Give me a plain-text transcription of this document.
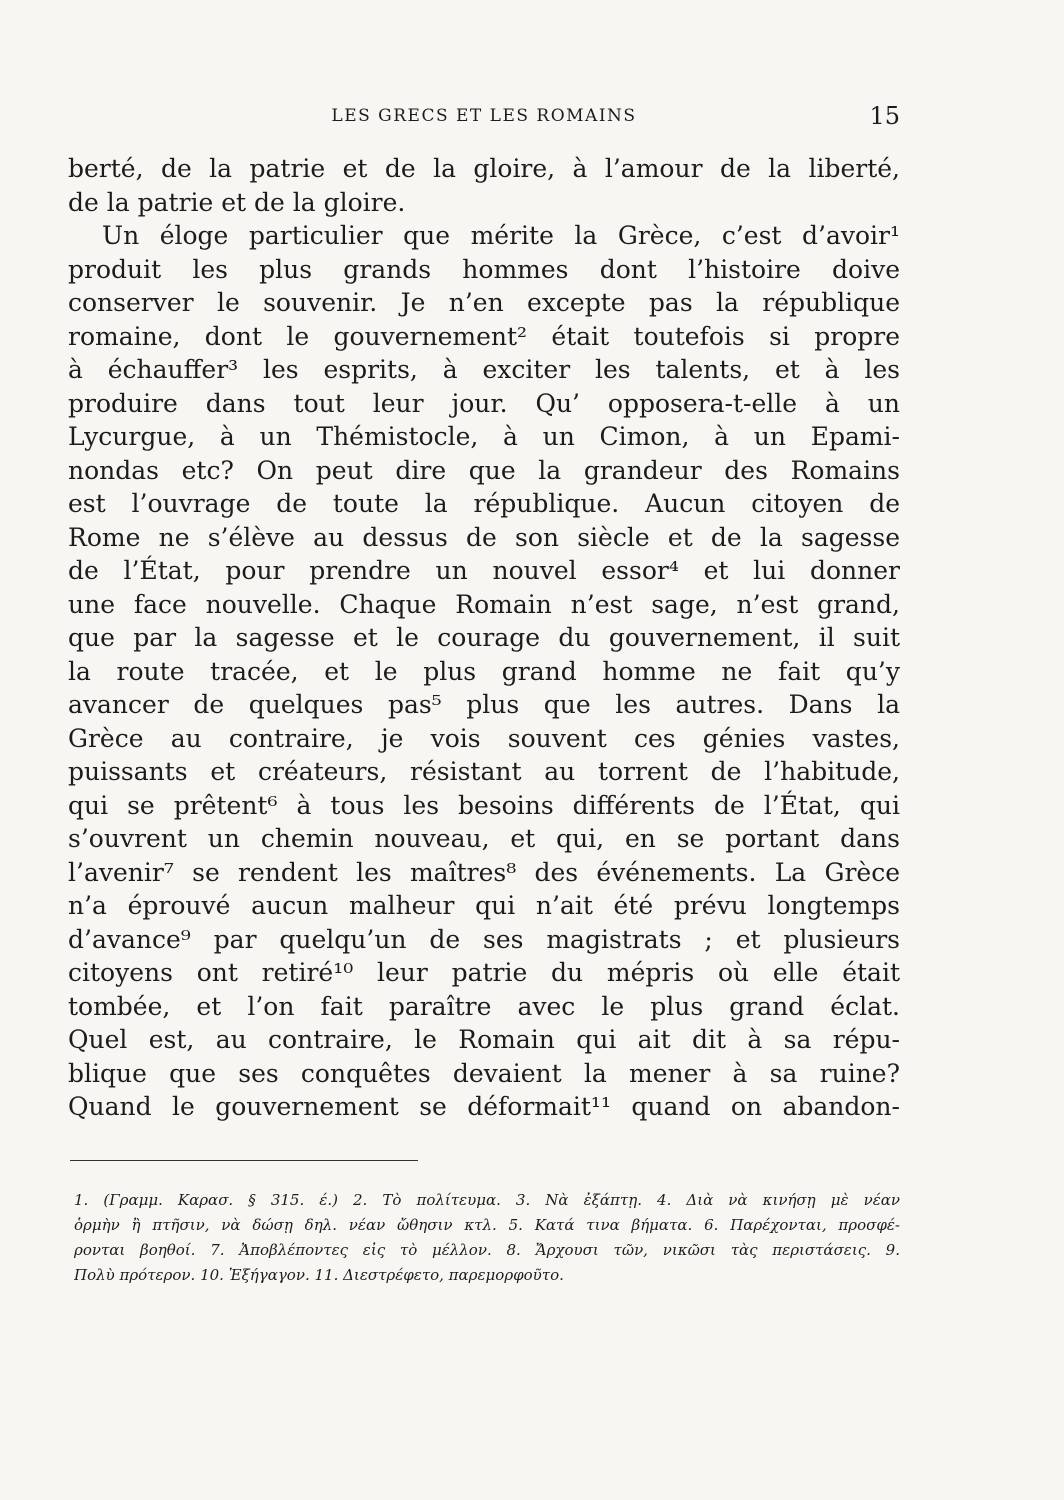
LES GRECS ET LES ROMAINS	15
berté, de la patrie et de la gloire, à l’amour de la liberté,
de la patrie et de la gloire.
Un éloge particulier que mérite la Grèce, c’est d’avoir¹
produit les plus grands hommes dont l’histoire doive
conserver le souvenir. Je n’en excepte pas la république
romaine, dont le gouvernement² était toutefois si propre
à échauffer³ les esprits, à exciter les talents, et à les
produire dans tout leur jour. Qu’ opposera-t-elle à un
Lycurgue, à un Thémistocle, à un Cimon, à un Epami-
nondas etc? On peut dire que la grandeur des Romains
est l’ouvrage de toute la république. Aucun citoyen de
Rome ne s’élève au dessus de son siècle et de la sagesse
de l’État, pour prendre un nouvel essor⁴ et lui donner
une face nouvelle. Chaque Romain n’est sage, n’est grand,
que par la sagesse et le courage du gouvernement, il suit
la route tracée, et le plus grand homme ne fait qu’y
avancer de quelques pas⁵ plus que les autres. Dans la
Grèce au contraire, je vois souvent ces génies vastes,
puissants et créateurs, résistant au torrent de l’habitude,
qui se prêtent⁶ à tous les besoins différents de l’État, qui
s’ouvrent un chemin nouveau, et qui, en se portant dans
l’avenir⁷ se rendent les maîtres⁸ des événements. La Grèce
n’a éprouvé aucun malheur qui n’ait été prévu longtemps
d’avance⁹ par quelqu’un de ses magistrats ; et plusieurs
citoyens ont retiré¹⁰ leur patrie du mépris où elle était
tombée, et l’on fait paraître avec le plus grand éclat.
Quel est, au contraire, le Romain qui ait dit à sa répu-
blique que ses conquêtes devaient la mener à sa ruine?
Quand le gouvernement se déformait¹¹ quand on abandon-
1. (Γραμμ. Καρασ. § 315. έ.) 2. Τὸ πολίτευμα. 3. Νὰ ἐξάπτῃ. 4. Διὰ νὰ κινήσῃ μὲ νέαν
ὁρμὴν ἢ πτῆσιν, νὰ δώσῃ δηλ. νέαν ὤθησιν κτλ. 5. Κατά τινα βήματα. 6. Παρέχονται, προσφέ-
ρονται βοηθοί. 7. Ἀποβλέποντες εἰς τὸ μέλλον. 8. Ἄρχουσι τῶν, νικῶσι τὰς περιστάσεις. 9.
Πολὺ πρότερον. 10. Ἐξήγαγον. 11. Διεστρέφετο, παρεμορφοῦτο.
